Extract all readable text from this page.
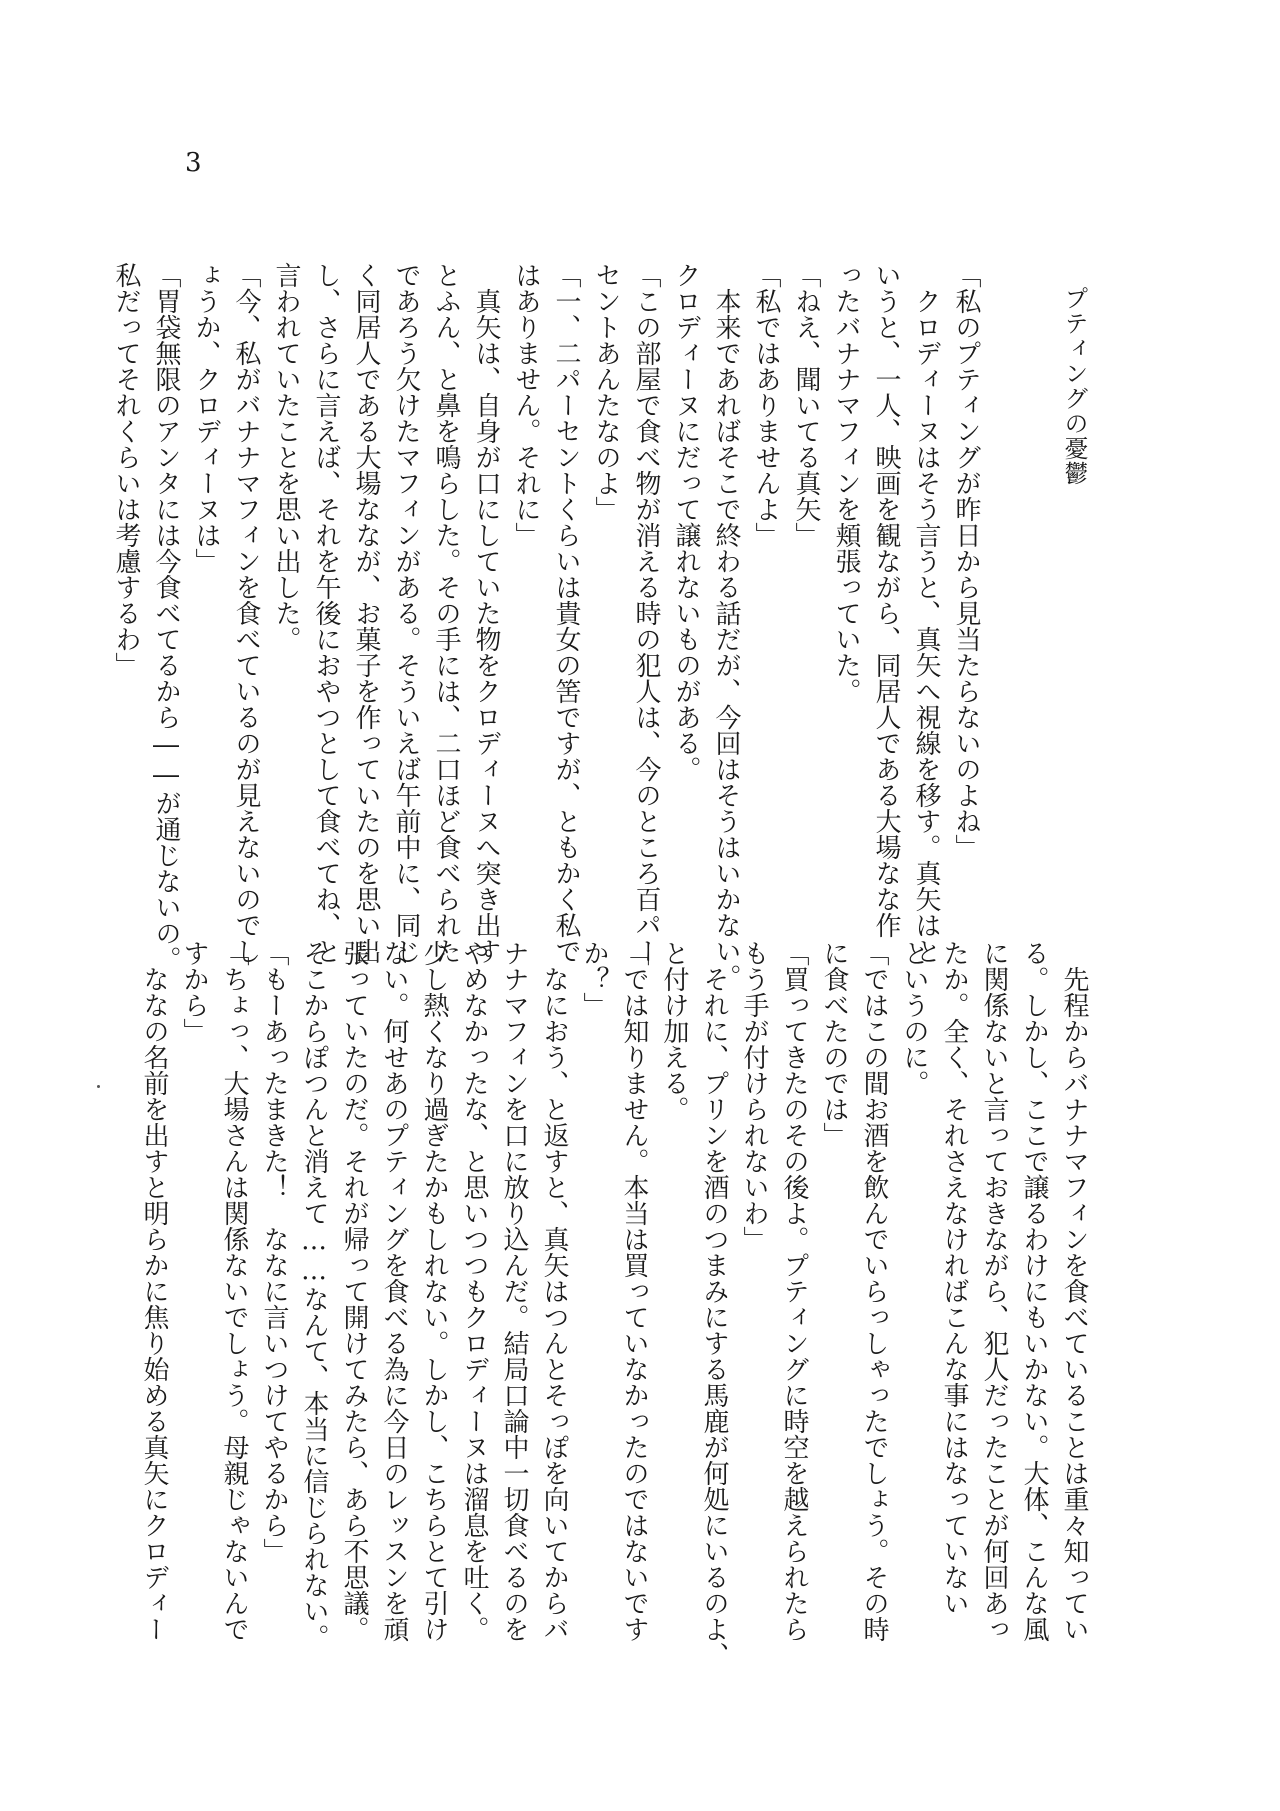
3
プティングの憂鬱
「私のプティングが昨日から見当たらないのよね」
　クロディーヌはそう言うと、真矢へ視線を移す。真矢はと
いうと、一人、映画を観ながら、同居人である大場なな作
ったバナナマフィンを頬張っていた。
「ねえ、聞いてる真矢」
「私ではありませんよ」
　本来であればそこで終わる話だが、今回はそうはいかない。
クロディーヌにだって譲れないものがある。
「この部屋で食べ物が消える時の犯人は、今のところ百パー
セントあんたなのよ」
「一、二パーセントくらいは貴女の筈ですが、ともかく私で
はありません。それに」
　真矢は、自身が口にしていた物をクロディーヌへ突き出す
とふん、と鼻を鳴らした。その手には、二口ほど食べられた
であろう欠けたマフィンがある。そういえば午前中に、同じ
く同居人である大場ななが、お菓子を作っていたのを思い出
し、さらに言えば、それを午後におやつとして食べてね、と
言われていたことを思い出した。
「今、私がバナナマフィンを食べているのが見えないのでし
ょうか、クロディーヌは」
「胃袋無限のアンタには今食べてるから――が通じないの。
私だってそれくらいは考慮するわ」
　先程からバナナマフィンを食べていることは重々知ってい
る。しかし、ここで譲るわけにもいかない。大体、こんな風
に関係ないと言っておきながら、犯人だったことが何回あっ
たか。全く、それさえなければこんな事にはなっていない
というのに。
「ではこの間お酒を飲んでいらっしゃったでしょう。その時
に食べたのでは」
「買ってきたのその後よ。プティングに時空を越えられたら
もう手が付けられないわ」
　それに、プリンを酒のつまみにする馬鹿が何処にいるのよ、
と付け加える。
「では知りません。本当は買っていなかったのではないです
か？」
　なにおう、と返すと、真矢はつんとそっぽを向いてからバ
ナナマフィンを口に放り込んだ。結局口論中一切食べるのを
やめなかったな、と思いつつもクロディーヌは溜息を吐く。
少し熱くなり過ぎたかもしれない。しかし、こちらとて引け
ない。何せあのプティングを食べる為に今日のレッスンを頑
張っていたのだ。それが帰って開けてみたら、あら不思議。
そこからぽつんと消えて……なんて、本当に信じられない。
「もーあったまきた！　ななに言いつけてやるから」
「ちょっ、大場さんは関係ないでしょう。母親じゃないんで
すから」
　ななの名前を出すと明らかに焦り始める真矢にクロディー
